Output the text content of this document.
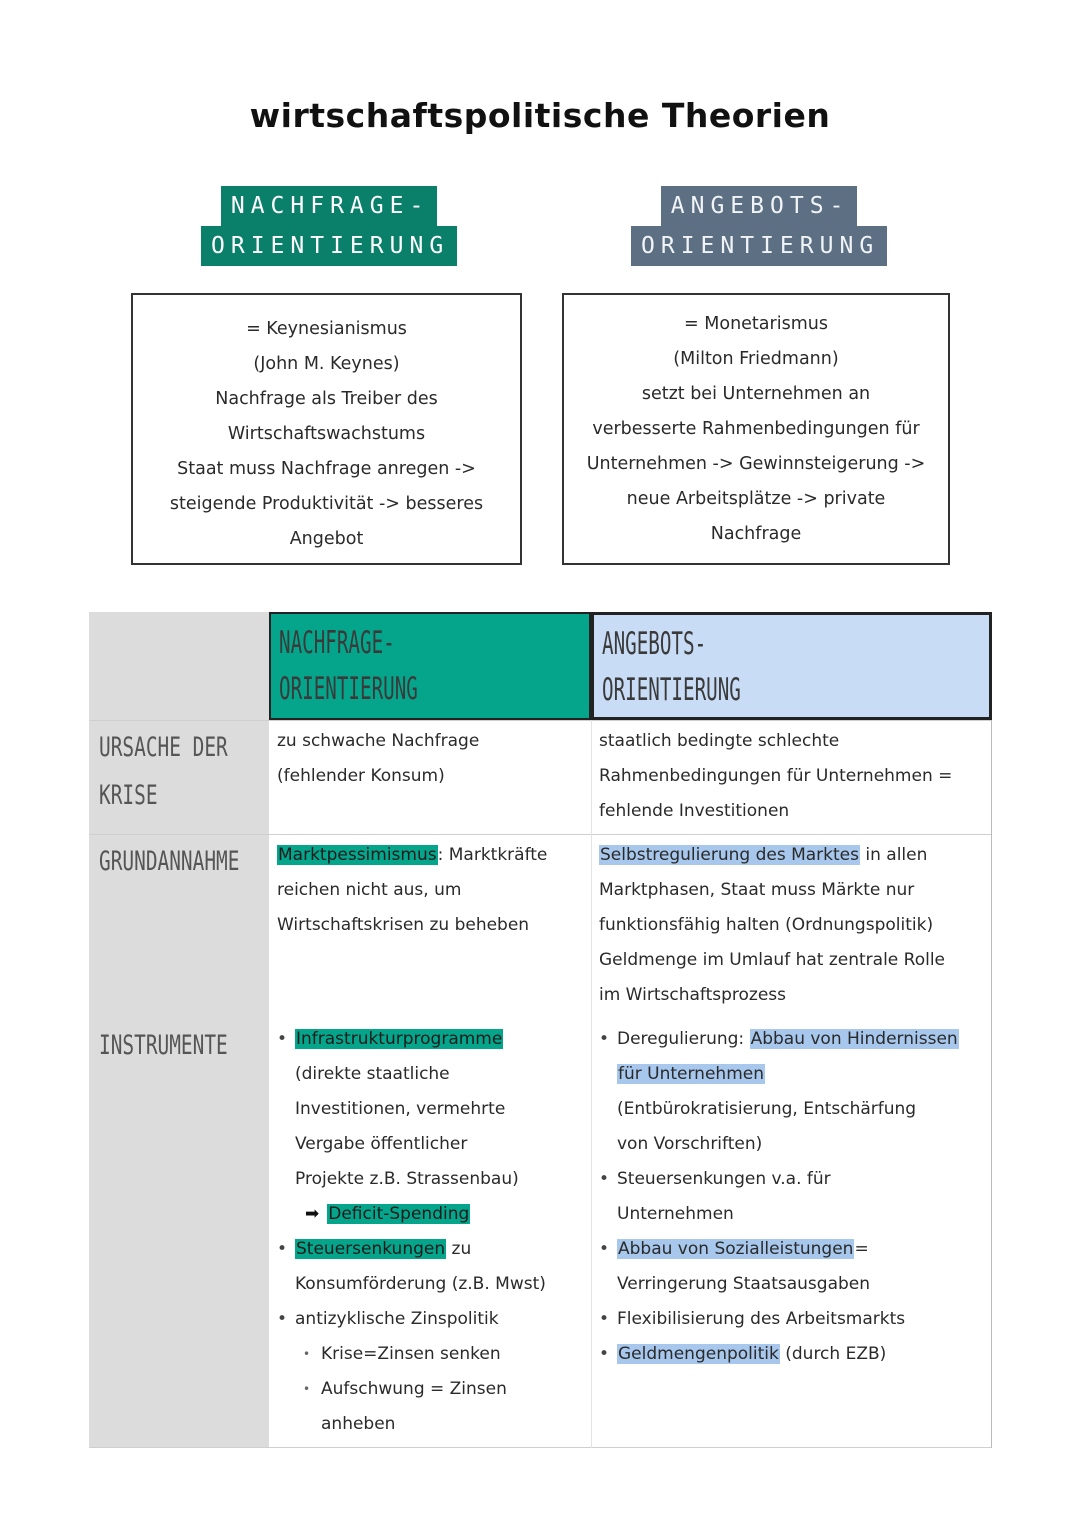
wirtschaftspolitische Theorien
NACHFRAGE-
ORIENTIERUNG
ANGEBOTS-
ORIENTIERUNG
= Keynesianismus
(John M. Keynes)
Nachfrage als Treiber des
Wirtschaftswachstums
Staat muss Nachfrage anregen ->
steigende Produktivität -> besseres
Angebot
= Monetarismus
(Milton Friedmann)
setzt bei Unternehmen an
verbesserte Rahmenbedingungen für
Unternehmen -> Gewinnsteigerung ->
neue Arbeitsplätze -> private
Nachfrage
NACHFRAGE-
ORIENTIERUNG
ANGEBOTS-
ORIENTIERUNG
URSACHE DER
KRISE
GRUNDANNAHME
INSTRUMENTE
zu schwache Nachfrage
(fehlender Konsum)
staatlich bedingte schlechte
Rahmenbedingungen für Unternehmen =
fehlende Investitionen
Marktpessimismus: Marktkräfte
reichen nicht aus, um
Wirtschaftskrisen zu beheben
Selbstregulierung des Marktes in allen
Marktphasen, Staat muss Märkte nur
funktionsfähig halten (Ordnungspolitik)
Geldmenge im Umlauf hat zentrale Rolle
im Wirtschaftsprozess
• Infrastrukturprogramme
(direkte staatliche
Investitionen, vermehrte
Vergabe öffentlicher
Projekte z.B. Strassenbau)
➡ Deficit-Spending
• Steuersenkungen zu
Konsumförderung (z.B. Mwst)
• antizyklische Zinspolitik
• Krise=Zinsen senken
• Aufschwung = Zinsen
anheben
• Deregulierung: Abbau von Hindernissen
für Unternehmen
(Entbürokratisierung, Entschärfung
von Vorschriften)
• Steuersenkungen v.a. für
Unternehmen
• Abbau von Sozialleistungen=
Verringerung Staatsausgaben
• Flexibilisierung des Arbeitsmarkts
• Geldmengenpolitik (durch EZB)
